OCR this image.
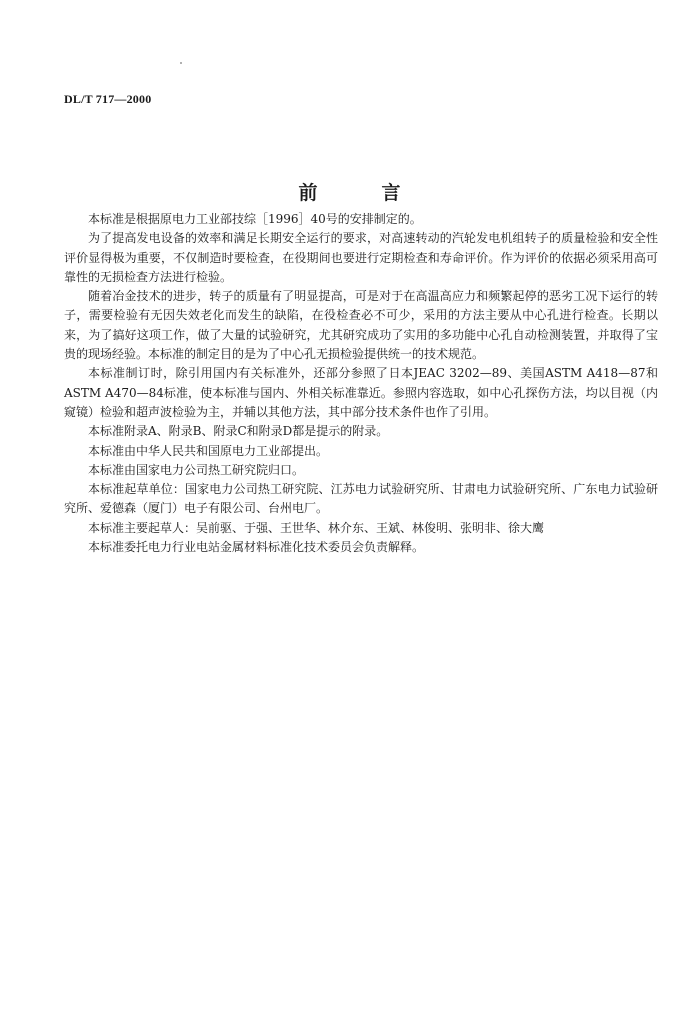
DL/T 717—2000
前	言

本标准是根据原电力工业部技综［1996］40号的安排制定的。

为了提高发电设备的效率和满足长期安全运行的要求，对高速转动的汽轮发电机组转子的质量检验和安全性评价显得极为重要，不仅制造时要检查，在役期间也要进行定期检查和寿命评价。作为评价的依据必须采用高可靠性的无损检查方法进行检验。

随着冶金技术的进步，转子的质量有了明显提高，可是对于在高温高应力和频繁起停的恶劣工况下运行的转子，需要检验有无因失效老化而发生的缺陷，在役检查必不可少，采用的方法主要从中心孔进行检查。长期以来，为了搞好这项工作，做了大量的试验研究，尤其研究成功了实用的多功能中心孔自动检测装置，并取得了宝贵的现场经验。本标准的制定目的是为了中心孔无损检验提供统一的技术规范。

本标准制订时，除引用国内有关标准外，还部分参照了日本JEAC 3202—89、美国ASTM A418—87和ASTM A470—84标准，使本标准与国内、外相关标准靠近。参照内容选取，如中心孔探伤方法，均以目视（内窥镜）检验和超声波检验为主，并辅以其他方法，其中部分技术条件也作了引用。

本标准附录A、附录B、附录C和附录D都是提示的附录。

本标准由中华人民共和国原电力工业部提出。

本标准由国家电力公司热工研究院归口。

本标准起草单位：国家电力公司热工研究院、江苏电力试验研究所、甘肃电力试验研究所、广东电力试验研究所、爱德森（厦门）电子有限公司、台州电厂。

本标准主要起草人：吴前驱、于强、王世华、林介东、王斌、林俊明、张明非、徐大鹰

本标准委托电力行业电站金属材料标准化技术委员会负责解释。
